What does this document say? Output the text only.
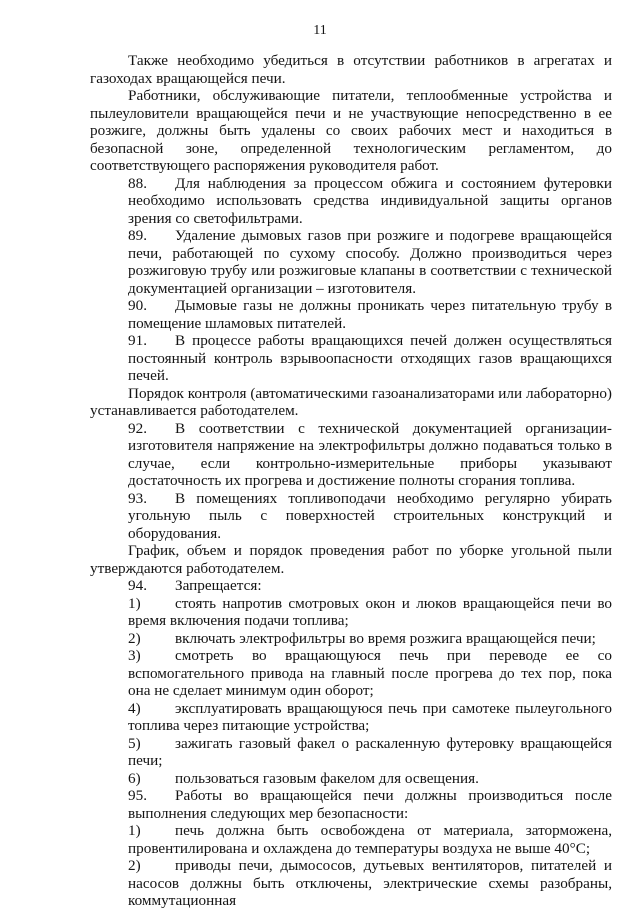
11

Также необходимо убедиться в отсутствии работников в агрегатах и газоходах вращающейся печи.

Работники, обслуживающие питатели, теплообменные устройства и пылеуловители вращающейся печи и не участвующие непосредственно в ее розжиге, должны быть удалены со своих рабочих мест и находиться в безопасной зоне, определенной технологическим регламентом, до соответствующего распоряжения руководителя работ.

88. Для наблюдения за процессом обжига и состоянием футеровки необходимо использовать средства индивидуальной защиты органов зрения со светофильтрами.

89. Удаление дымовых газов при розжиге и подогреве вращающейся печи, работающей по сухому способу. Должно производиться через розжиговую трубу или розжиговые клапаны в соответствии с технической документацией организации – изготовителя.

90. Дымовые газы не должны проникать через питательную трубу в помещение шламовых питателей.

91. В процессе работы вращающихся печей должен осуществляться постоянный контроль взрывоопасности отходящих газов вращающихся печей.

Порядок контроля (автоматическими газоанализаторами или лабораторно) устанавливается работодателем.

92. В соответствии с технической документацией организации-изготовителя напряжение на электрофильтры должно подаваться только в случае, если контрольно-измерительные приборы указывают достаточность их прогрева и достижение полноты сгорания топлива.

93. В помещениях топливоподачи необходимо регулярно убирать угольную пыль с поверхностей строительных конструкций и оборудования.

График, объем и порядок проведения работ по уборке угольной пыли утверждаются работодателем.

94. Запрещается:

1) стоять напротив смотровых окон и люков вращающейся печи во время включения подачи топлива;

2) включать электрофильтры во время розжига вращающейся печи;

3) смотреть во вращающуюся печь при переводе ее со вспомогательного привода на главный после прогрева до тех пор, пока она не сделает минимум один оборот;

4) эксплуатировать вращающуюся печь при самотеке пылеугольного топлива через питающие устройства;

5) зажигать газовый факел о раскаленную футеровку вращающейся печи;

6) пользоваться газовым факелом для освещения.

95. Работы во вращающейся печи должны производиться после выполнения следующих мер безопасности:

1) печь должна быть освобождена от материала, заторможена, провентилирована и охлаждена до температуры воздуха не выше 40°С;

2) приводы печи, дымососов, дутьевых вентиляторов, питателей и насосов должны быть отключены, электрические схемы разобраны, коммутационная
